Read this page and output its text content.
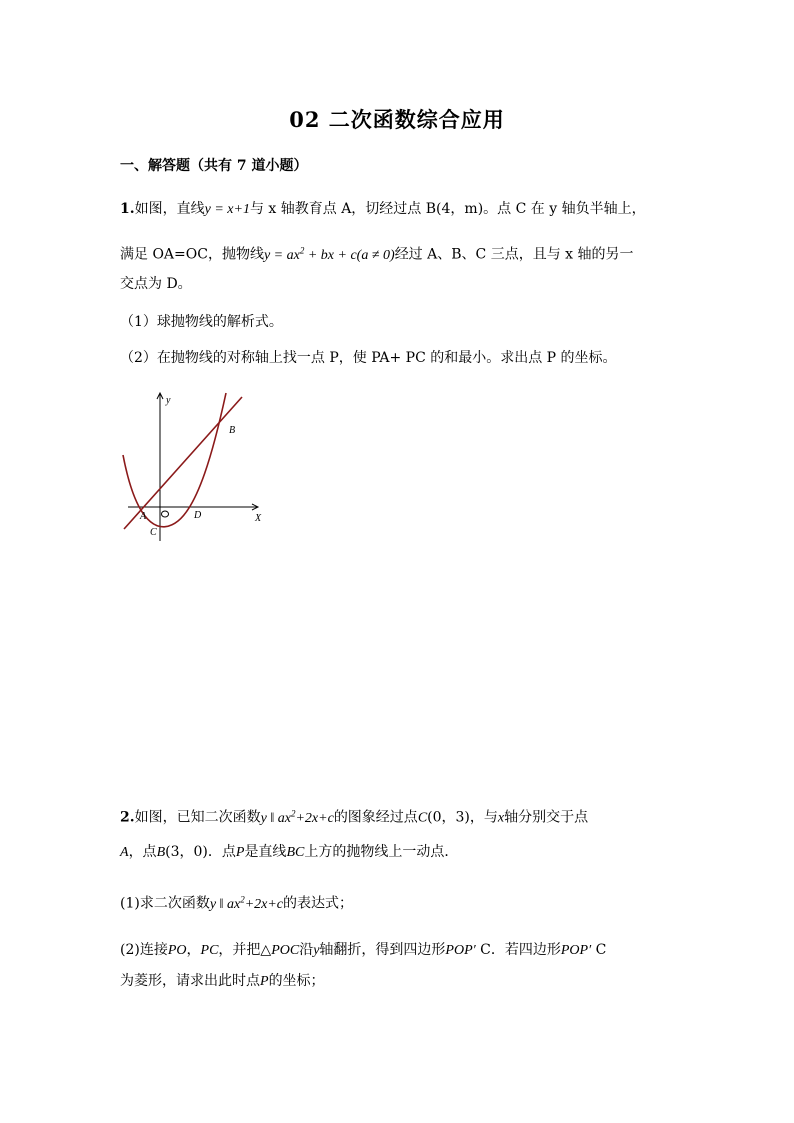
02 二次函数综合应用
一、解答题（共有 7 道小题）
1.如图，直线y = x+1与 x 轴教育点 A，切经过点 B(4，m)。点 C 在 y 轴负半轴上，
满足 OA=OC，抛物线$y = ax^2$ + bx + c(a ≠ 0)经过 A、B、C 三点，且与 x 轴的另一
交点为 D。
（1）球抛物线的解析式。
（2）在抛物线的对称轴上找一点 P，使 PA+ PC 的和最小。求出点 P 的坐标。
y
X
A
B
C
D
2.如图，已知二次函数y ‖ $ax^2+2x+c$的图象经过点C(0，3)，与x轴分别交于点
A，点B(3，0)．点P是直线BC上方的抛物线上一动点．
(1)求二次函数y ‖ $ax^2+2x+c$的表达式；
(2)连接PO，PC，并把△POC沿y轴翻折，得到四边形POP′ C．若四边形POP′ C
为菱形，请求出此时点P的坐标；
